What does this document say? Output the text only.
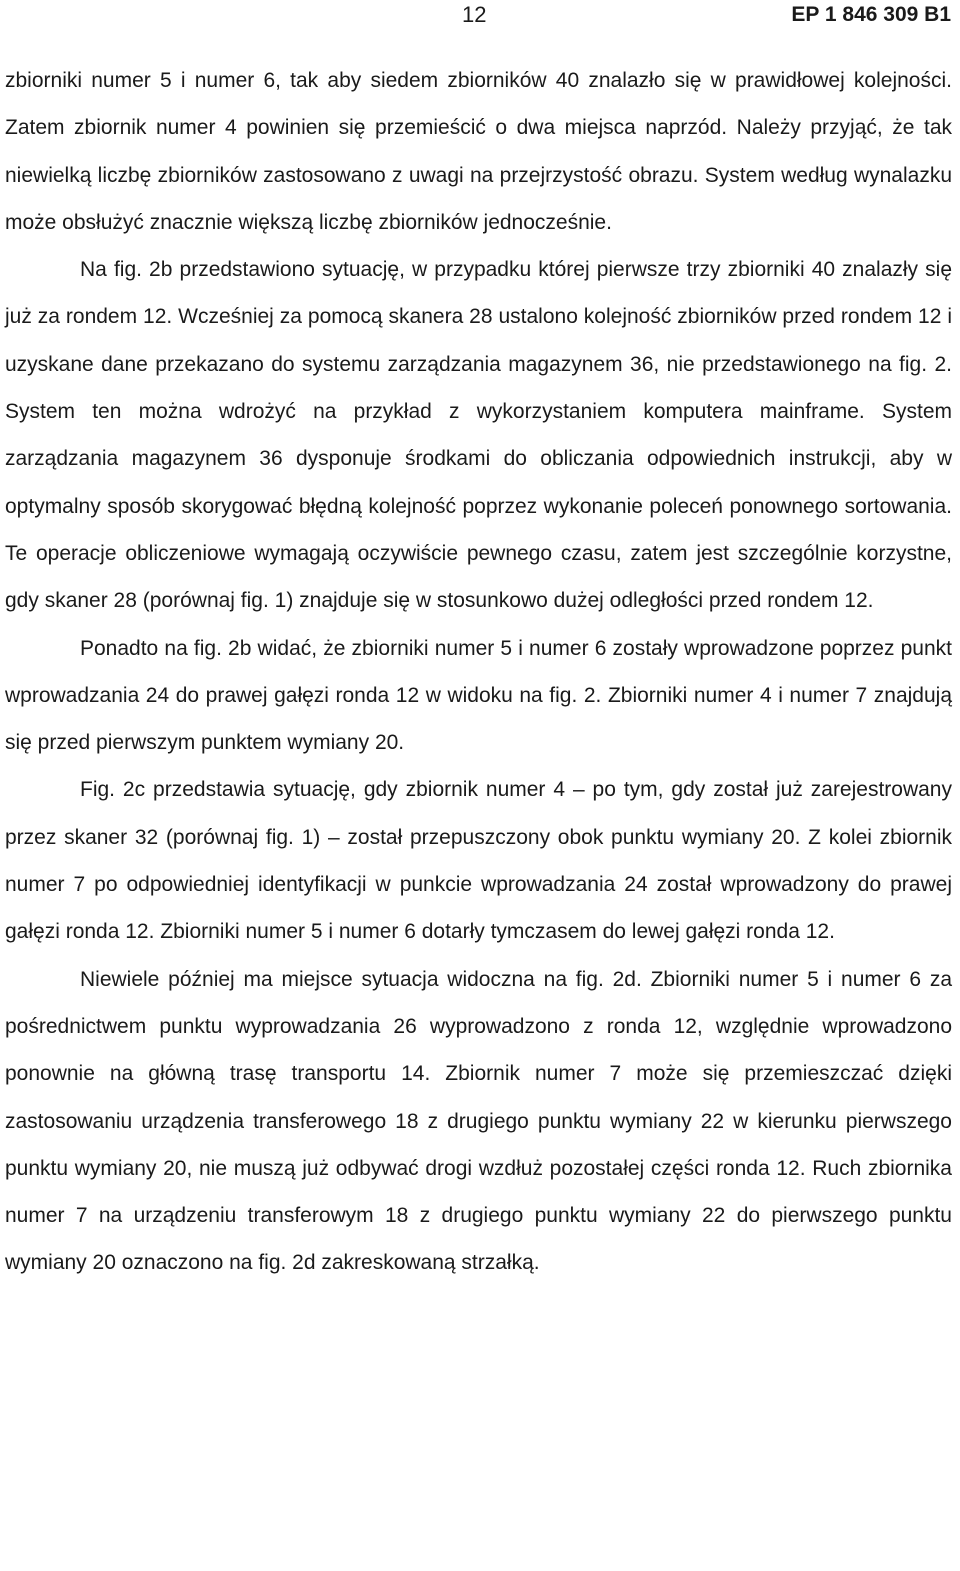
12	EP 1 846 309 B1

zbiorniki numer 5 i numer 6, tak aby siedem zbiorników 40 znalazło się w prawidłowej kolejności. Zatem zbiornik numer 4 powinien się przemieścić o dwa miejsca naprzód. Należy przyjąć, że tak niewielką liczbę zbiorników zastosowano z uwagi na przejrzystość obrazu. System według wynalazku może obsłużyć znacznie większą liczbę zbiorników jednocześnie.

Na fig. 2b przedstawiono sytuację, w przypadku której pierwsze trzy zbiorniki 40 znalazły się już za rondem 12. Wcześniej za pomocą skanera 28 ustalono kolejność zbiorników przed rondem 12 i uzyskane dane przekazano do systemu zarządzania magazynem 36, nie przedstawionego na fig. 2. System ten można wdrożyć na przykład z wykorzystaniem komputera mainframe. System zarządzania magazynem 36 dysponuje środkami do obliczania odpowiednich instrukcji, aby w optymalny sposób skorygować błędną kolejność poprzez wykonanie poleceń ponownego sortowania. Te operacje obliczeniowe wymagają oczywiście pewnego czasu, zatem jest szczególnie korzystne, gdy skaner 28 (porównaj fig. 1) znajduje się w stosunkowo dużej odległości przed rondem 12.

Ponadto na fig. 2b widać, że zbiorniki numer 5 i numer 6 zostały wprowadzone poprzez punkt wprowadzania 24 do prawej gałęzi ronda 12 w widoku na fig. 2. Zbiorniki numer 4 i numer 7 znajdują się przed pierwszym punktem wymiany 20.

Fig. 2c przedstawia sytuację, gdy zbiornik numer 4 – po tym, gdy został już zarejestrowany przez skaner 32 (porównaj fig. 1) – został przepuszczony obok punktu wymiany 20. Z kolei zbiornik numer 7 po odpowiedniej identyfikacji w punkcie wprowadzania 24 został wprowadzony do prawej gałęzi ronda 12. Zbiorniki numer 5 i numer 6 dotarły tymczasem do lewej gałęzi ronda 12.

Niewiele później ma miejsce sytuacja widoczna na fig. 2d. Zbiorniki numer 5 i numer 6 za pośrednictwem punktu wyprowadzania 26 wyprowadzono z ronda 12, względnie wprowadzono ponownie na główną trasę transportu 14. Zbiornik numer 7 może się przemieszczać dzięki zastosowaniu urządzenia transferowego 18 z drugiego punktu wymiany 22 w kierunku pierwszego punktu wymiany 20, nie muszą już odbywać drogi wzdłuż pozostałej części ronda 12. Ruch zbiornika numer 7 na urządzeniu transferowym 18 z drugiego punktu wymiany 22 do pierwszego punktu wymiany 20 oznaczono na fig. 2d zakreskowaną strzałką.
